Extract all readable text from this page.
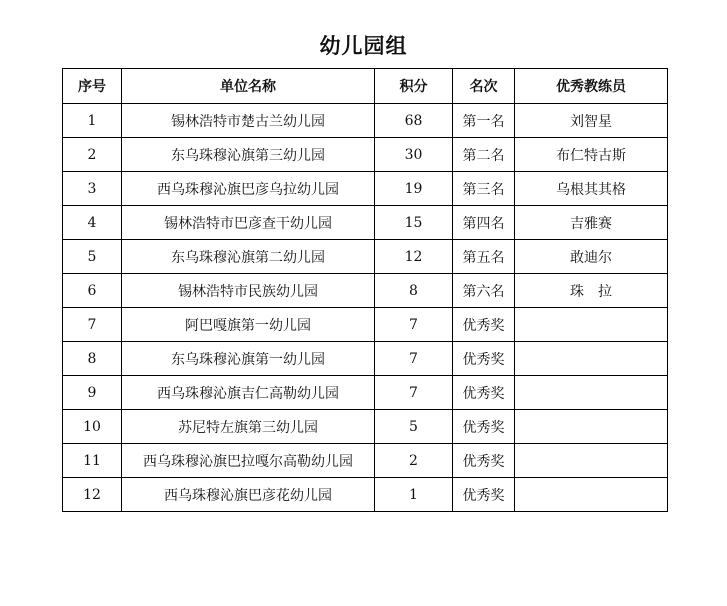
幼儿园组
序号	单位名称	积分	名次	优秀教练员
1	锡林浩特市楚古兰幼儿园	68	第一名	刘智星
2	东乌珠穆沁旗第三幼儿园	30	第二名	布仁特古斯
3	西乌珠穆沁旗巴彦乌拉幼儿园	19	第三名	乌根其其格
4	锡林浩特市巴彦查干幼儿园	15	第四名	吉雅赛
5	东乌珠穆沁旗第二幼儿园	12	第五名	敢迪尔
6	锡林浩特市民族幼儿园	8	第六名	珠　拉
7	阿巴嘎旗第一幼儿园	7	优秀奖	
8	东乌珠穆沁旗第一幼儿园	7	优秀奖	
9	西乌珠穆沁旗吉仁高勒幼儿园	7	优秀奖	
10	苏尼特左旗第三幼儿园	5	优秀奖	
11	西乌珠穆沁旗巴拉嘎尔高勒幼儿园	2	优秀奖	
12	西乌珠穆沁旗巴彦花幼儿园	1	优秀奖	
